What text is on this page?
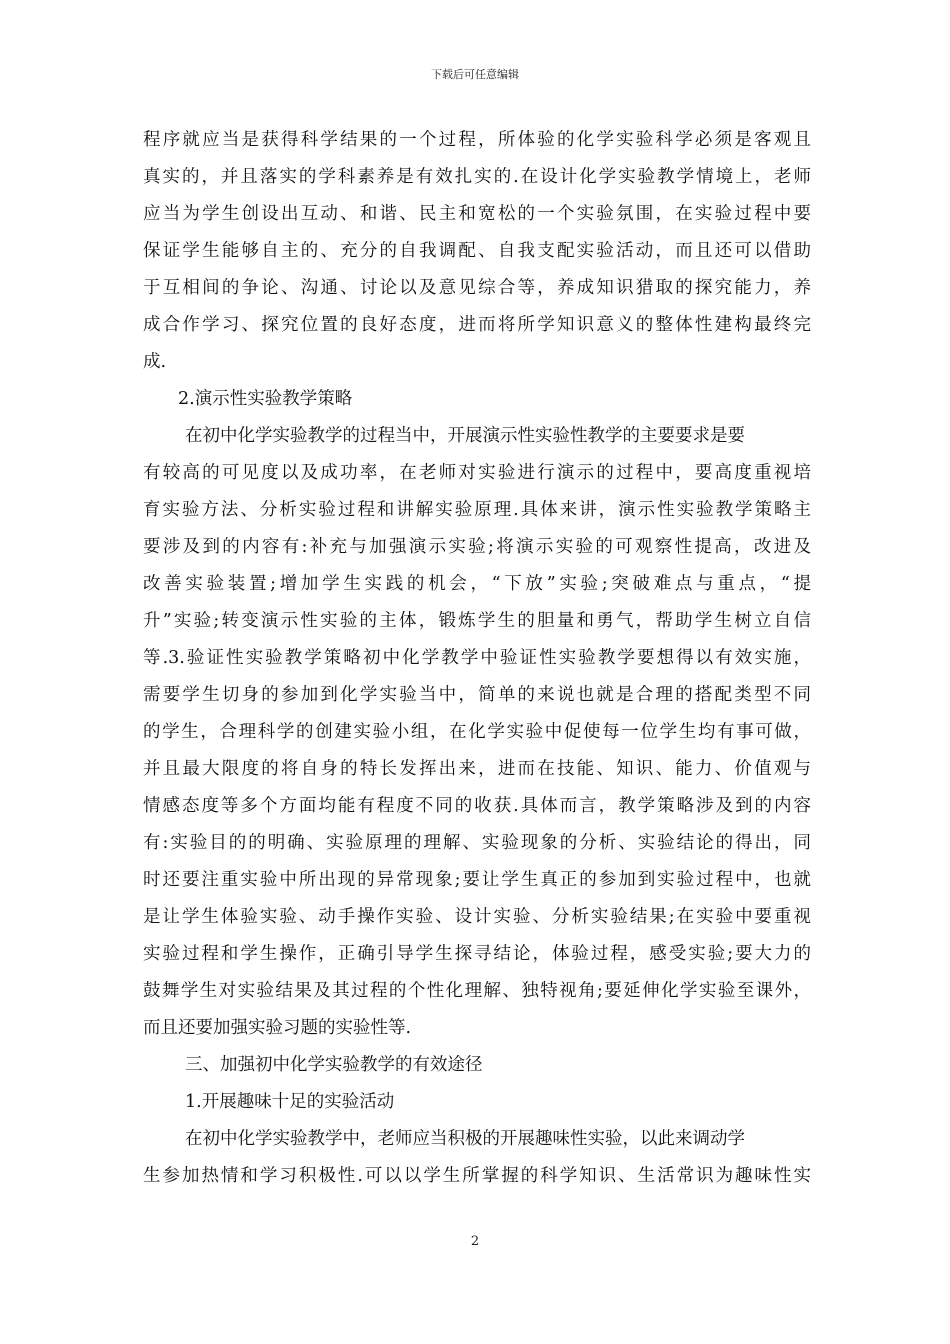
下载后可任意编辑
程序就应当是获得科学结果的一个过程，所体验的化学实验科学必须是客观且
真实的，并且落实的学科素养是有效扎实的.在设计化学实验教学情境上，老师
应当为学生创设出互动、和谐、民主和宽松的一个实验氛围，在实验过程中要
保证学生能够自主的、充分的自我调配、自我支配实验活动，而且还可以借助
于互相间的争论、沟通、讨论以及意见综合等，养成知识猎取的探究能力，养
成合作学习、探究位置的良好态度，进而将所学知识意义的整体性建构最终完
成.
2.演示性实验教学策略
在初中化学实验教学的过程当中，开展演示性实验性教学的主要要求是要
有较高的可见度以及成功率，在老师对实验进行演示的过程中，要高度重视培
育实验方法、分析实验过程和讲解实验原理.具体来讲，演示性实验教学策略主
要涉及到的内容有:补充与加强演示实验;将演示实验的可观察性提高，改进及
改善实验装置;增加学生实践的机会，“下放”实验;突破难点与重点，“提
升”实验;转变演示性实验的主体，锻炼学生的胆量和勇气，帮助学生树立自信
等.3.验证性实验教学策略初中化学教学中验证性实验教学要想得以有效实施，
需要学生切身的参加到化学实验当中，简单的来说也就是合理的搭配类型不同
的学生，合理科学的创建实验小组，在化学实验中促使每一位学生均有事可做，
并且最大限度的将自身的特长发挥出来，进而在技能、知识、能力、价值观与
情感态度等多个方面均能有程度不同的收获.具体而言，教学策略涉及到的内容
有:实验目的的明确、实验原理的理解、实验现象的分析、实验结论的得出，同
时还要注重实验中所出现的异常现象;要让学生真正的参加到实验过程中，也就
是让学生体验实验、动手操作实验、设计实验、分析实验结果;在实验中要重视
实验过程和学生操作，正确引导学生探寻结论，体验过程，感受实验;要大力的
鼓舞学生对实验结果及其过程的个性化理解、独特视角;要延伸化学实验至课外，
而且还要加强实验习题的实验性等.
三、加强初中化学实验教学的有效途径
1.开展趣味十足的实验活动
在初中化学实验教学中，老师应当积极的开展趣味性实验，以此来调动学
生参加热情和学习积极性.可以以学生所掌握的科学知识、生活常识为趣味性实
2
